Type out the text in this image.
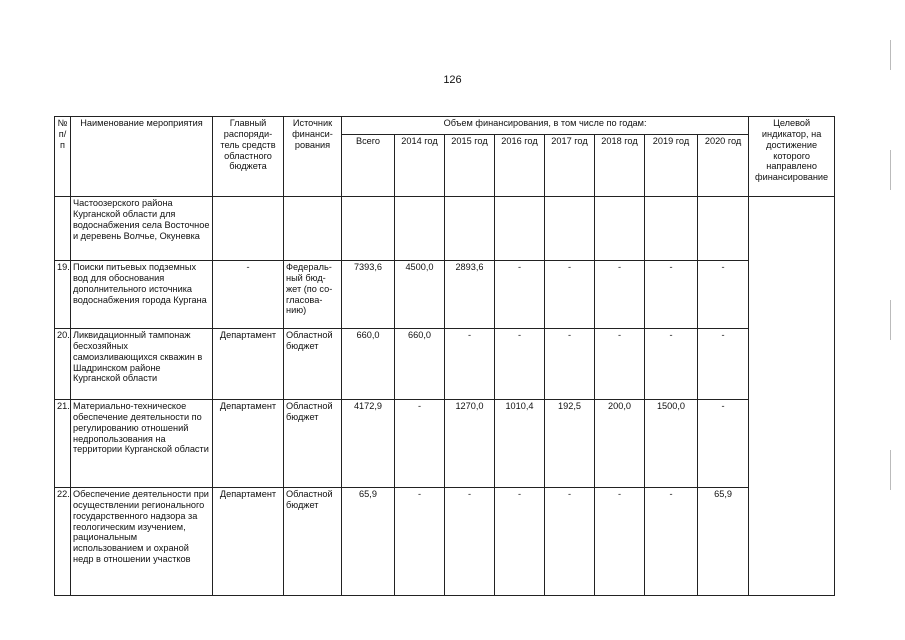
126
№ п/п	Наименование мероприятия	Главный распоряди-тель средств областного бюджета	Источник финанси-рования	Объем финансирования, в том числе по годам:								Целевой индикатор, на достижение которого направлено финансирование
				Всего	2014 год	2015 год	2016 год	2017 год	2018 год	2019 год	2020 год	
	Частоозерского района Курганской области для водоснабжения села Восточное и деревень Волчье, Окуневка											
19.	Поиски питьевых подземных вод для обоснования дополнительного источника водоснабжения города Кургана	-	Федераль-ный бюд-жет (по со-гласова-нию)	7393,6	4500,0	2893,6	-	-	-	-	-	
20.	Ликвидационный тампонаж бесхозяйных самоизливающихся скважин в Шадринском районе Курганской области	Департамент	Областной бюджет	660,0	660,0	-	-	-	-	-	-	
21.	Материально-техническое обеспечение деятельности по регулированию отношений недропользования на территории Курганской области	Департамент	Областной бюджет	4172,9	-	1270,0	1010,4	192,5	200,0	1500,0	-	
22.	Обеспечение деятельности при осуществлении регионального государственного надзора за геологическим изучением, рациональным использованием и охраной недр в отношении участков	Департамент	Областной бюджет	65,9	-	-	-	-	-	-	65,9	
